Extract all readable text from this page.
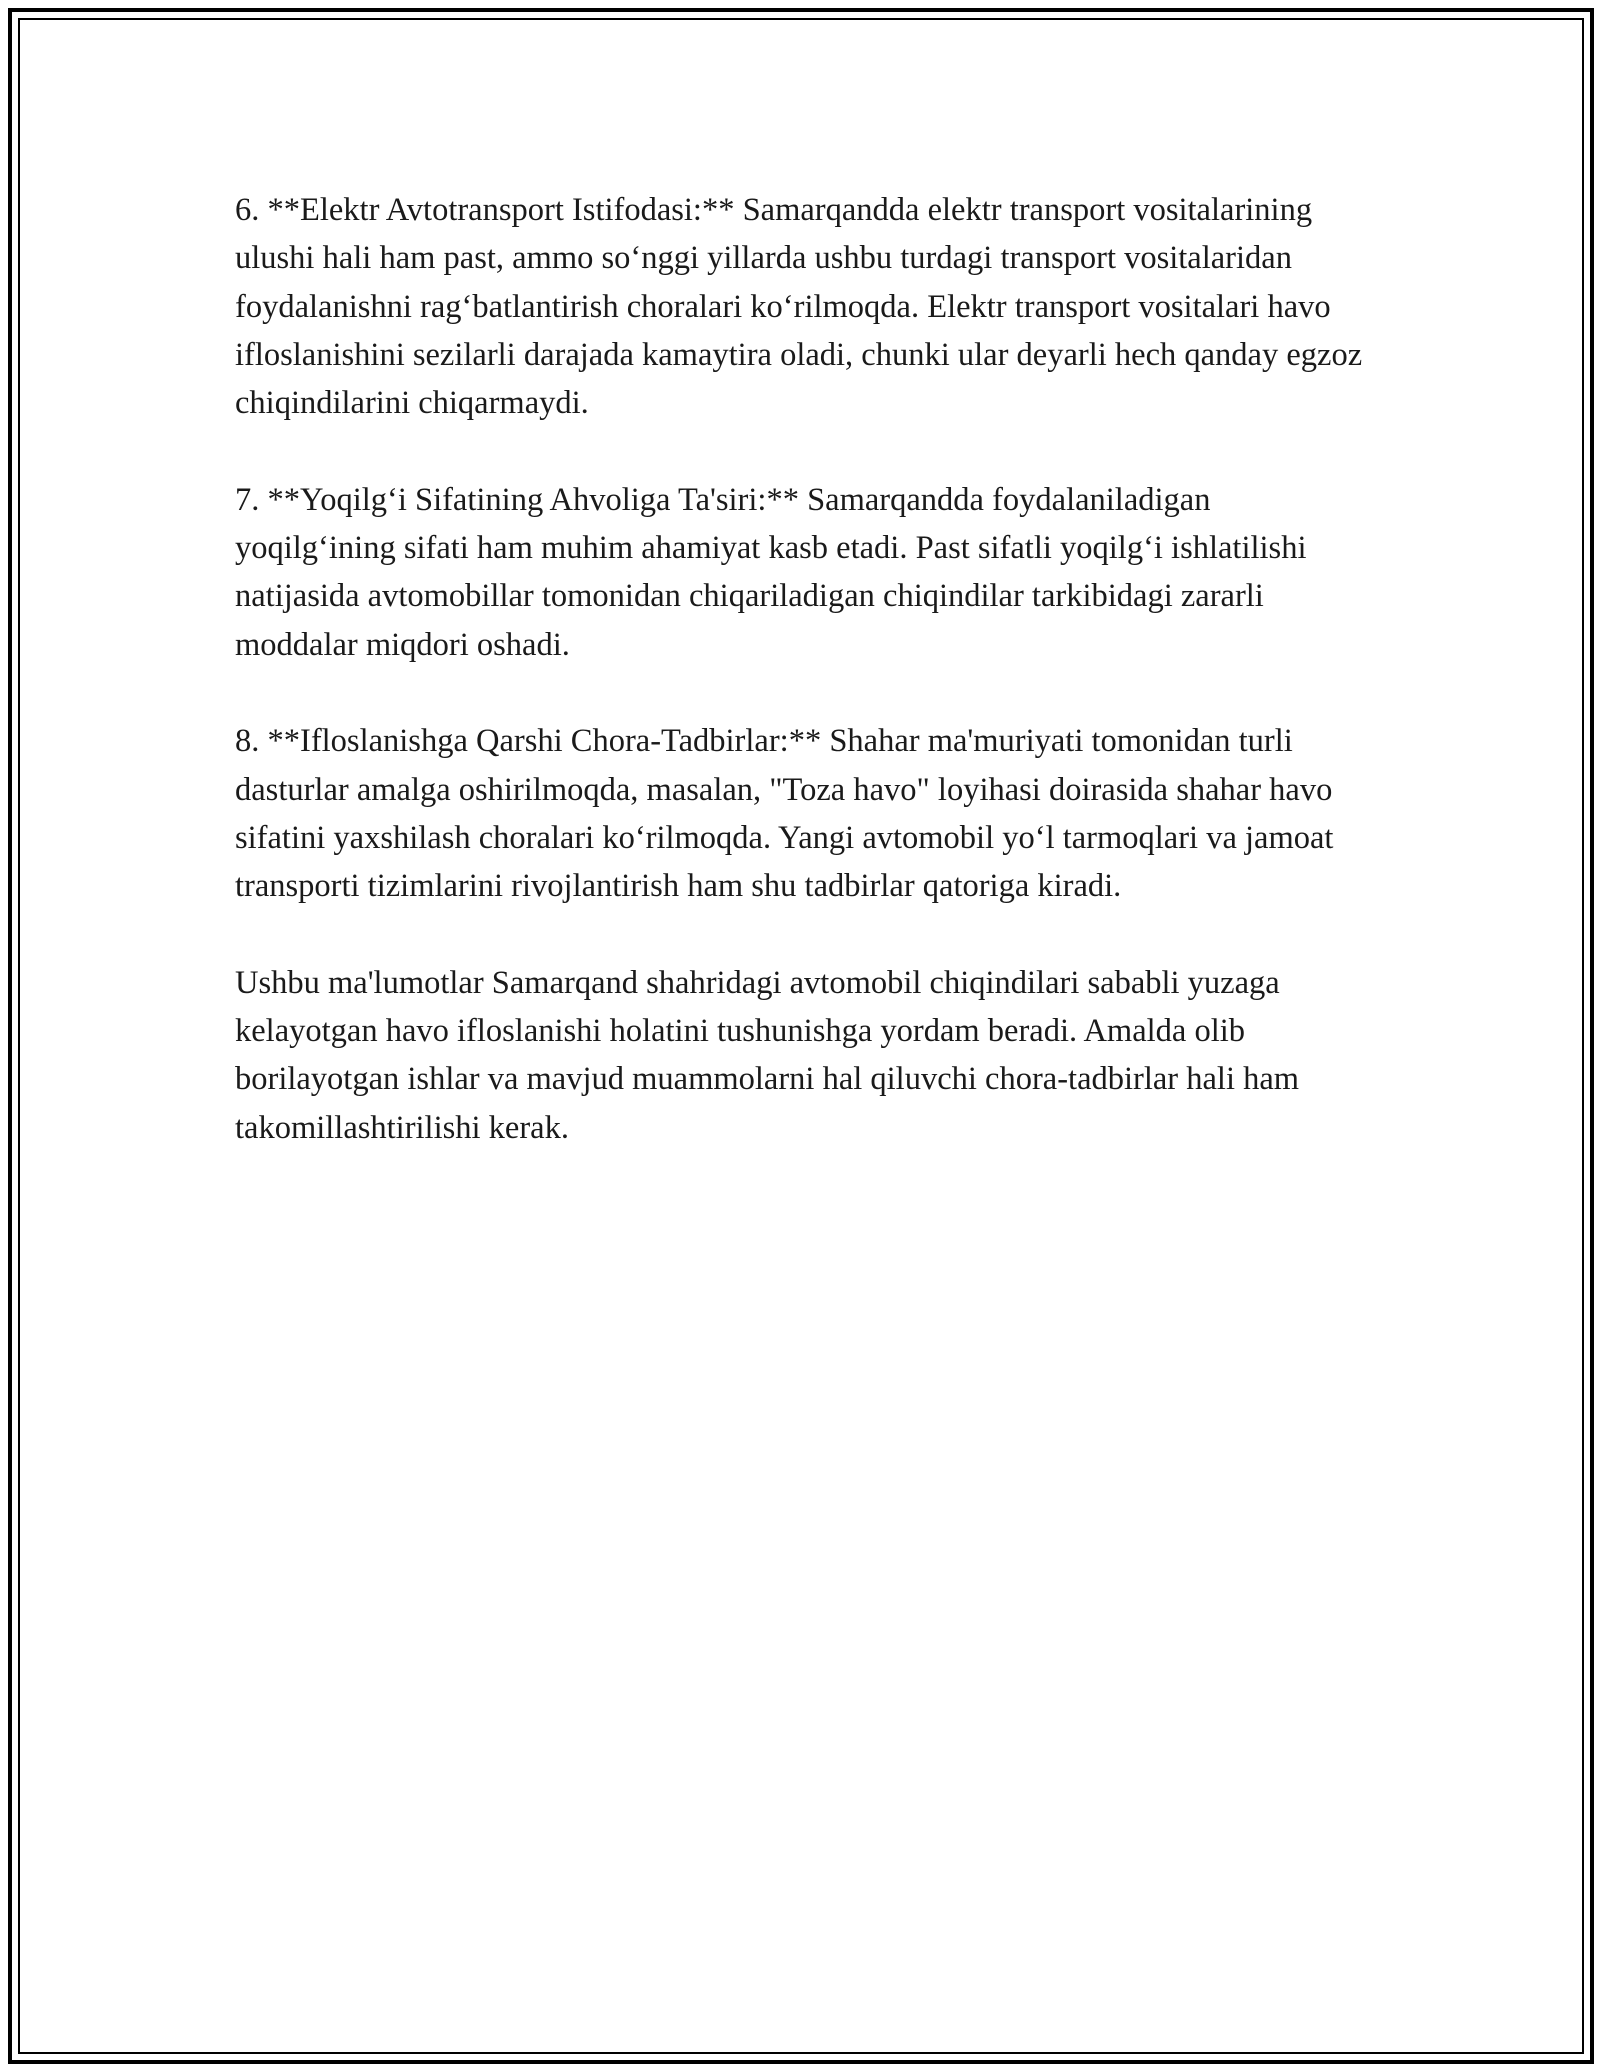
6. **Elektr Avtotransport Istifodasi:** Samarqandda elektr transport vositalarining ulushi hali ham past, ammo so‘nggi yillarda ushbu turdagi transport vositalaridan foydalanishni rag‘batlantirish choralari ko‘rilmoqda. Elektr transport vositalari havo ifloslanishini sezilarli darajada kamaytira oladi, chunki ular deyarli hech qanday egzoz chiqindilarini chiqarmaydi.

7. **Yoqilg‘i Sifatining Ahvoliga Ta'siri:** Samarqandda foydalaniladigan yoqilg‘ining sifati ham muhim ahamiyat kasb etadi. Past sifatli yoqilg‘i ishlatilishi natijasida avtomobillar tomonidan chiqariladigan chiqindilar tarkibidagi zararli moddalar miqdori oshadi.

8. **Ifloslanishga Qarshi Chora-Tadbirlar:** Shahar ma'muriyati tomonidan turli dasturlar amalga oshirilmoqda, masalan, "Toza havo" loyihasi doirasida shahar havo sifatini yaxshilash choralari ko‘rilmoqda. Yangi avtomobil yo‘l tarmoqlari va jamoat transporti tizimlarini rivojlantirish ham shu tadbirlar qatoriga kiradi.

Ushbu ma'lumotlar Samarqand shahridagi avtomobil chiqindilari sababli yuzaga kelayotgan havo ifloslanishi holatini tushunishga yordam beradi. Amalda olib borilayotgan ishlar va mavjud muammolarni hal qiluvchi chora-tadbirlar hali ham takomillashtirilishi kerak.
